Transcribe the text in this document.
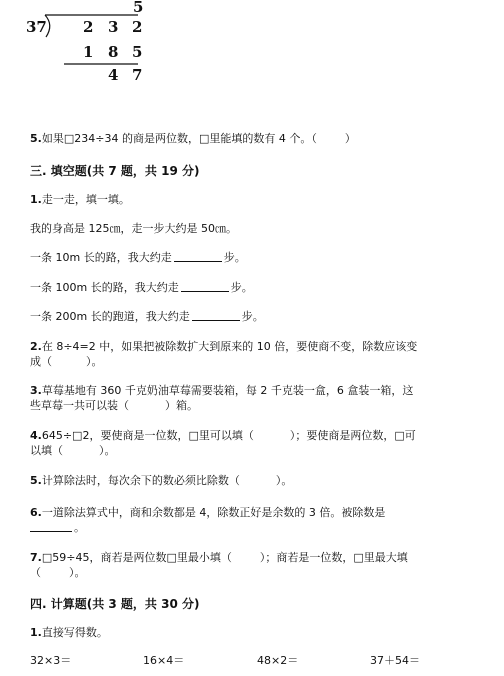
5
37 2 3 2
1 8 5
4 7
5.如果□234÷34 的商是两位数，□里能填的数有 4 个。（	）
三. 填空题(共 7 题，共 19 分)
1.走一走，填一填。
我的身高是 125㎝，走一步大约是 50㎝。
一条 10m 长的路，我大约走	步。
一条 100m 长的路，我大约走	步。
一条 200m 长的跑道，我大约走	步。
2.在 8÷4=2 中，如果把被除数扩大到原来的 10 倍，要使商不变，除数应该变
成（	）。
3.草莓基地有 360 千克奶油草莓需要装箱，每 2 千克装一盒，6 盒装一箱，这
些草莓一共可以装（	）箱。
4.645÷□2，要使商是一位数，□里可以填（	）；要使商是两位数，□可
以填（	）。
5.计算除法时，每次余下的数必须比除数（	）。
6.一道除法算式中，商和余数都是 4，除数正好是余数的 3 倍。被除数是
。
7.□59÷45，商若是两位数□里最小填（	）；商若是一位数，□里最大填
（	）。
四. 计算题(共 3 题，共 30 分)
1.直接写得数。
32×3＝	16×4＝	48×2＝	37＋54＝
